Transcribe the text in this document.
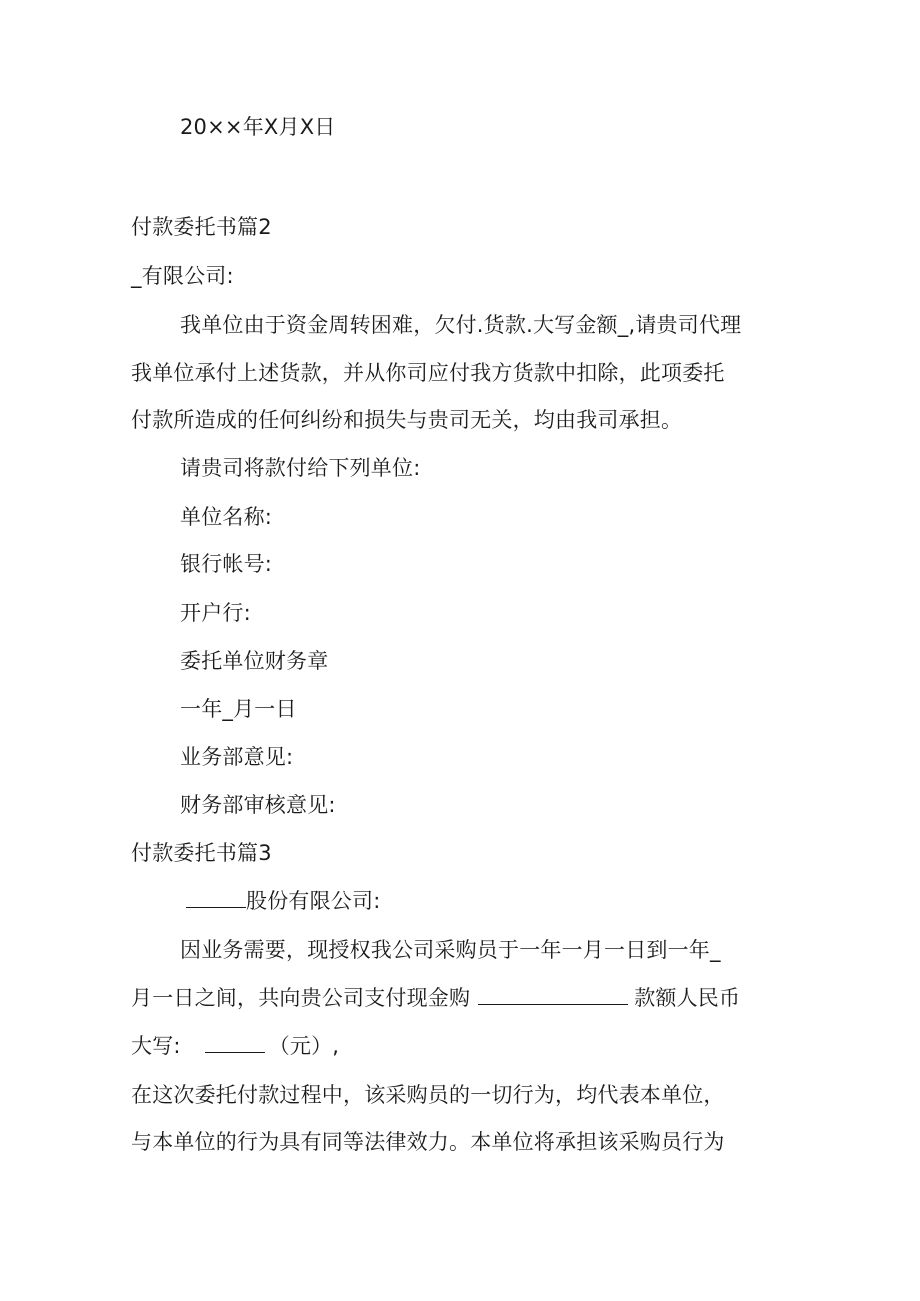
20××年X月X日
付款委托书篇2
_有限公司:
我单位由于资金周转困难，欠付.货款.大写金额_,请贵司代理
我单位承付上述货款，并从你司应付我方货款中扣除，此项委托
付款所造成的任何纠纷和损失与贵司无关，均由我司承担。
请贵司将款付给下列单位:
单位名称:
银行帐号:
开户行:
委托单位财务章
一年_月一日
业务部意见:
财务部审核意见:
付款委托书篇3
股份有限公司:
因业务需要，现授权我公司采购员于一年一月一日到一年_
月一日之间，共向贵公司支付现金购	款额人民币
大写:	（元）,
在这次委托付款过程中，该采购员的一切行为，均代表本单位，
与本单位的行为具有同等法律效力。本单位将承担该采购员行为
